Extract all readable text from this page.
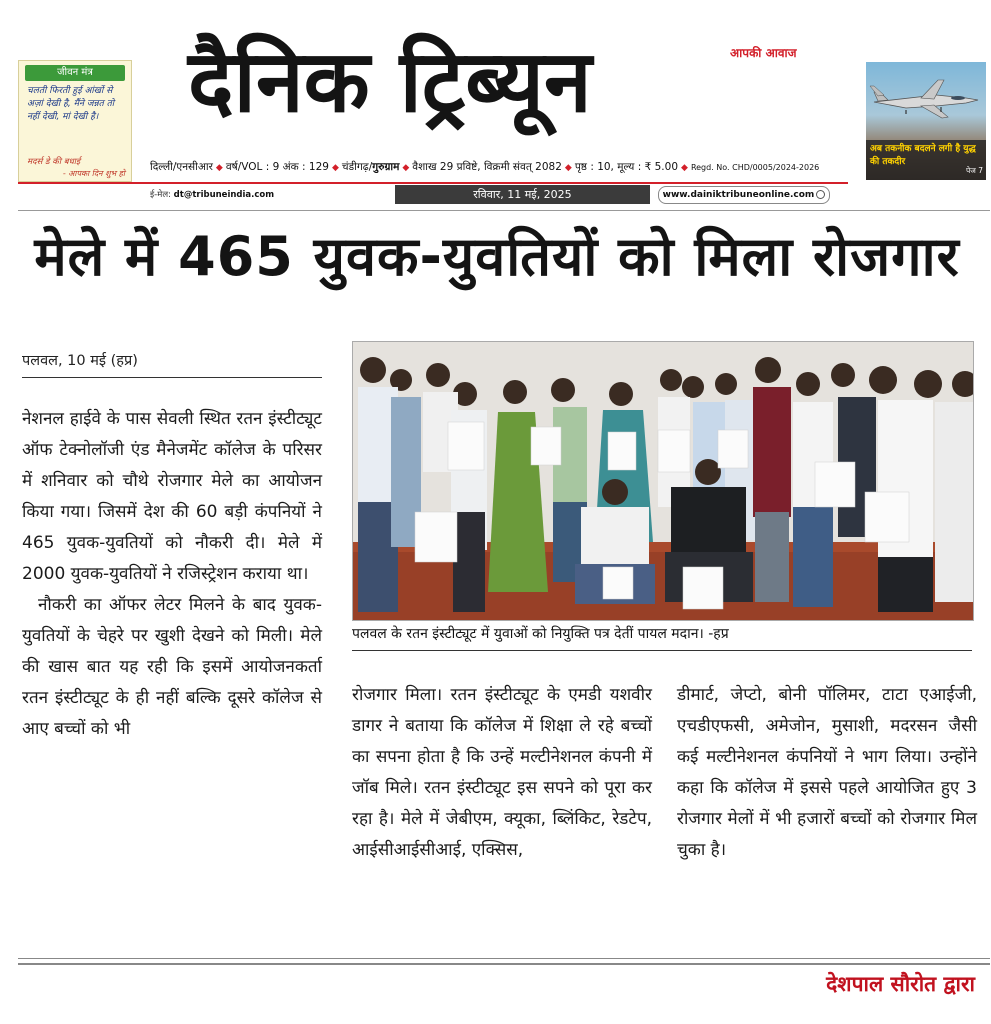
जीवन मंत्र
चलती फिरती हुई आंखों से अज़ां देखी है, मैंने जन्नत तो नहीं देखी, मां देखी है।
मदर्स डे की बधाई
- आपका दिन शुभ हो
दैनिक ट्रिब्यून	आपकी आवाज
दिल्ली/एनसीआर ◆ वर्ष/VOL : 9 अंक : 129 ◆ चंडीगढ़/गुरुग्राम ◆ वैशाख 29 प्रविष्टे, विक्रमी संवत् 2082 ◆ पृष्ठ : 10, मूल्य : ₹ 5.00 ◆ Regd. No. CHD/0005/2024-2026
ई-मेल: dt@tribuneindia.com	रविवार, 11 मई, 2025	www.dainiktribuneonline.com
अब तकनीक बदलने लगी है युद्ध की तकदीर
पेज 7
मेले में 465 युवक-युवतियों को मिला रोजगार
पलवल, 10 मई (हप्र)

नेशनल हाईवे के पास सेवली स्थित रतन इंस्टीट्यूट ऑफ टेक्नोलॉजी एंड मैनेजमेंट कॉलेज के परिसर में शनिवार को चौथे रोजगार मेले का आयोजन किया गया। जिसमें देश की 60 बड़ी कंपनियों ने 465 युवक-युवतियों को नौकरी दी। मेले में 2000 युवक-युवतियों ने रजिस्ट्रेशन कराया था।

नौकरी का ऑफर लेटर मिलने के बाद युवक-युवतियों के चेहरे पर खुशी देखने को मिली। मेले की खास बात यह रही कि इसमें आयोजनकर्ता रतन इंस्टीट्यूट के ही नहीं बल्कि दूसरे कॉलेज से आए बच्चों को भी

पलवल के रतन इंस्टीट्यूट में युवाओं को नियुक्ति पत्र देतीं पायल मदान। -हप्र

रोजगार मिला। रतन इंस्टीट्यूट के एमडी यशवीर डागर ने बताया कि कॉलेज में शिक्षा ले रहे बच्चों का सपना होता है कि उन्हें मल्टीनेशनल कंपनी में जॉब मिले। रतन इंस्टीट्यूट इस सपने को पूरा कर रहा है। मेले में जेबीएम, क्यूका, ब्लिंकिट, रेडटेप, आईसीआईसीआई, एक्सिस,

डीमार्ट, जेप्टो, बोनी पॉलिमर, टाटा एआईजी, एचडीएफसी, अमेजोन, मुसाशी, मदरसन जैसी कई मल्टीनेशनल कंपनियों ने भाग लिया। उन्होंने कहा कि कॉलेज में इससे पहले आयोजित हुए 3 रोजगार मेलों में भी हजारों बच्चों को रोजगार मिल चुका है।

देशपाल सौरोत द्वारा
